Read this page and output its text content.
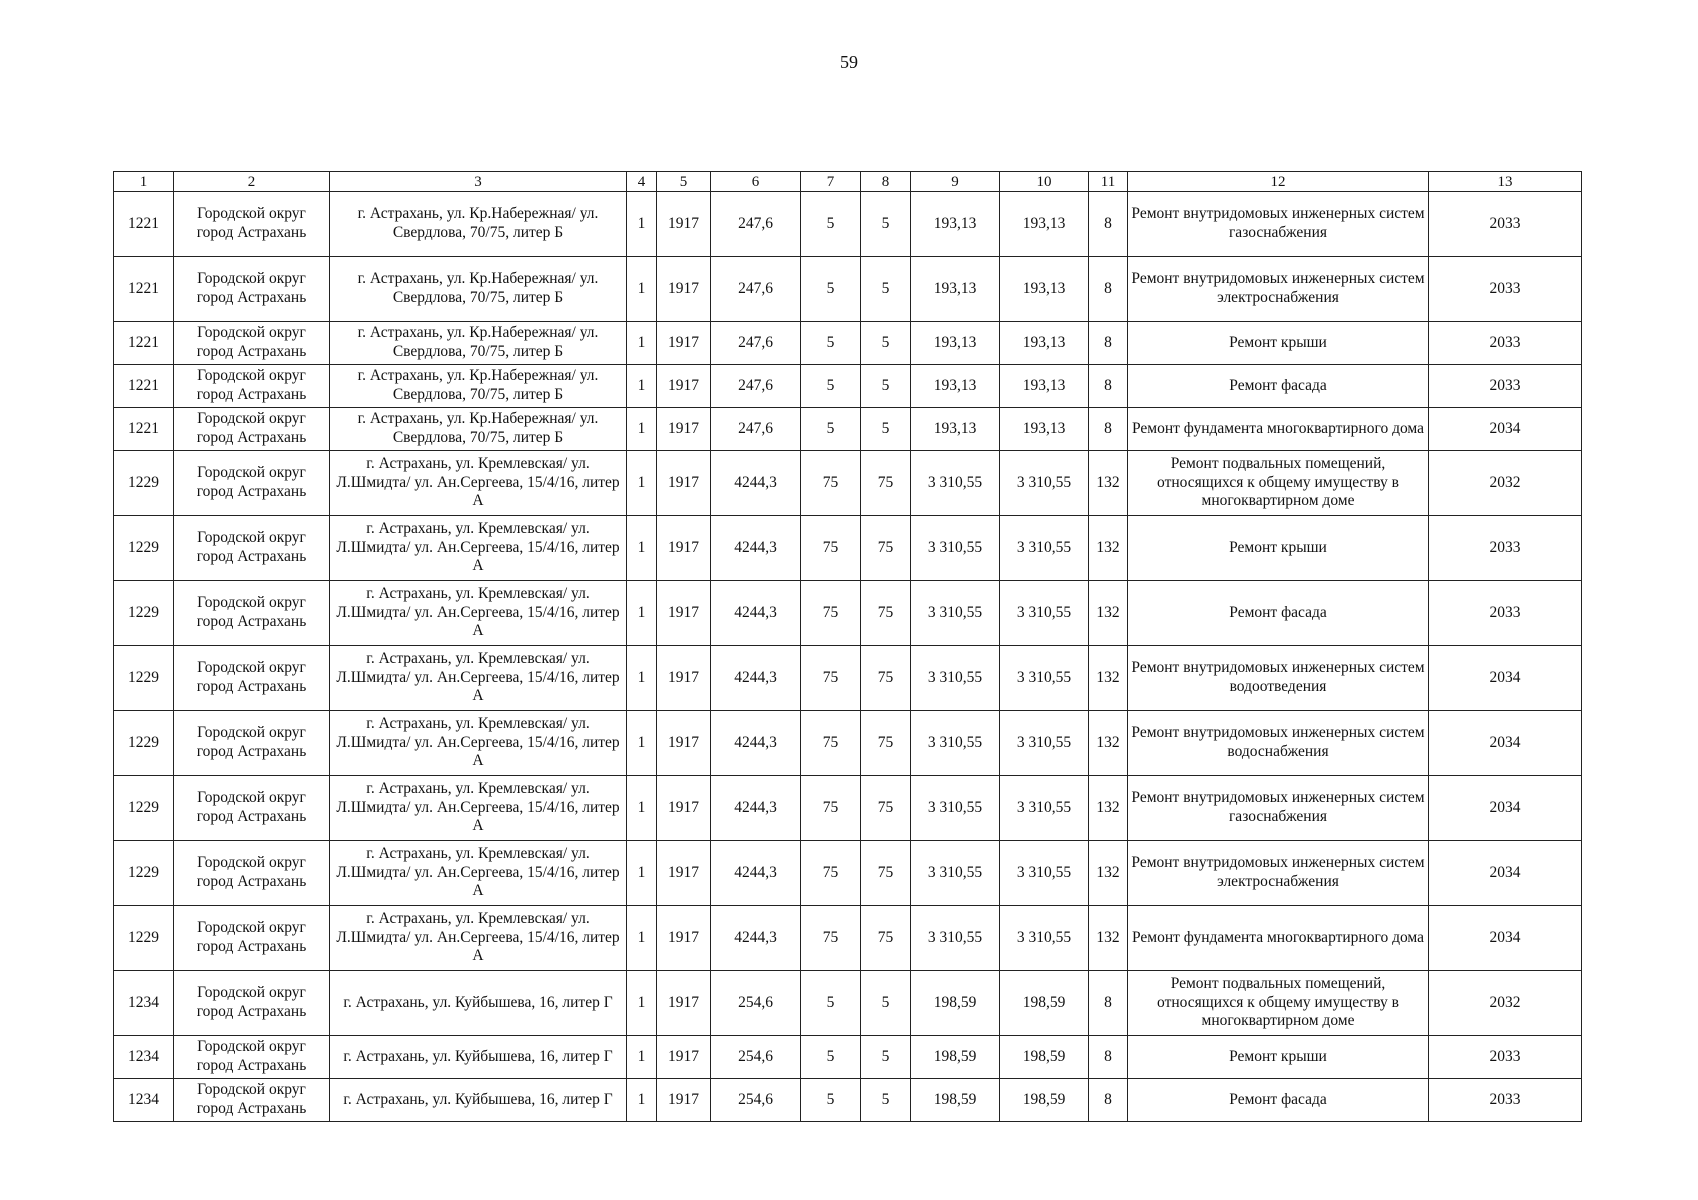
59
1	2	3	4	5	6	7	8	9	10	11	12	13
1221	Городской округ город Астрахань	г. Астрахань, ул. Кр.Набережная/ ул. Свердлова, 70/75, литер Б	1	1917	247,6	5	5	193,13	193,13	8	Ремонт внутридомовых инженерных систем газоснабжения	2033
1221	Городской округ город Астрахань	г. Астрахань, ул. Кр.Набережная/ ул. Свердлова, 70/75, литер Б	1	1917	247,6	5	5	193,13	193,13	8	Ремонт внутридомовых инженерных систем электроснабжения	2033
1221	Городской округ город Астрахань	г. Астрахань, ул. Кр.Набережная/ ул. Свердлова, 70/75, литер Б	1	1917	247,6	5	5	193,13	193,13	8	Ремонт крыши	2033
1221	Городской округ город Астрахань	г. Астрахань, ул. Кр.Набережная/ ул. Свердлова, 70/75, литер Б	1	1917	247,6	5	5	193,13	193,13	8	Ремонт фасада	2033
1221	Городской округ город Астрахань	г. Астрахань, ул. Кр.Набережная/ ул. Свердлова, 70/75, литер Б	1	1917	247,6	5	5	193,13	193,13	8	Ремонт фундамента многоквартирного дома	2034
1229	Городской округ город Астрахань	г. Астрахань, ул. Кремлевская/ ул. Л.Шмидта/ ул. Ан.Сергеева, 15/4/16, литер А	1	1917	4244,3	75	75	3 310,55	3 310,55	132	Ремонт подвальных помещений, относящихся к общему имуществу в многоквартирном доме	2032
1229	Городской округ город Астрахань	г. Астрахань, ул. Кремлевская/ ул. Л.Шмидта/ ул. Ан.Сергеева, 15/4/16, литер А	1	1917	4244,3	75	75	3 310,55	3 310,55	132	Ремонт крыши	2033
1229	Городской округ город Астрахань	г. Астрахань, ул. Кремлевская/ ул. Л.Шмидта/ ул. Ан.Сергеева, 15/4/16, литер А	1	1917	4244,3	75	75	3 310,55	3 310,55	132	Ремонт фасада	2033
1229	Городской округ город Астрахань	г. Астрахань, ул. Кремлевская/ ул. Л.Шмидта/ ул. Ан.Сергеева, 15/4/16, литер А	1	1917	4244,3	75	75	3 310,55	3 310,55	132	Ремонт внутридомовых инженерных систем водоотведения	2034
1229	Городской округ город Астрахань	г. Астрахань, ул. Кремлевская/ ул. Л.Шмидта/ ул. Ан.Сергеева, 15/4/16, литер А	1	1917	4244,3	75	75	3 310,55	3 310,55	132	Ремонт внутридомовых инженерных систем водоснабжения	2034
1229	Городской округ город Астрахань	г. Астрахань, ул. Кремлевская/ ул. Л.Шмидта/ ул. Ан.Сергеева, 15/4/16, литер А	1	1917	4244,3	75	75	3 310,55	3 310,55	132	Ремонт внутридомовых инженерных систем газоснабжения	2034
1229	Городской округ город Астрахань	г. Астрахань, ул. Кремлевская/ ул. Л.Шмидта/ ул. Ан.Сергеева, 15/4/16, литер А	1	1917	4244,3	75	75	3 310,55	3 310,55	132	Ремонт внутридомовых инженерных систем электроснабжения	2034
1229	Городской округ город Астрахань	г. Астрахань, ул. Кремлевская/ ул. Л.Шмидта/ ул. Ан.Сергеева, 15/4/16, литер А	1	1917	4244,3	75	75	3 310,55	3 310,55	132	Ремонт фундамента многоквартирного дома	2034
1234	Городской округ город Астрахань	г. Астрахань, ул. Куйбышева, 16, литер Г	1	1917	254,6	5	5	198,59	198,59	8	Ремонт подвальных помещений, относящихся к общему имуществу в многоквартирном доме	2032
1234	Городской округ город Астрахань	г. Астрахань, ул. Куйбышева, 16, литер Г	1	1917	254,6	5	5	198,59	198,59	8	Ремонт крыши	2033
1234	Городской округ город Астрахань	г. Астрахань, ул. Куйбышева, 16, литер Г	1	1917	254,6	5	5	198,59	198,59	8	Ремонт фасада	2033
